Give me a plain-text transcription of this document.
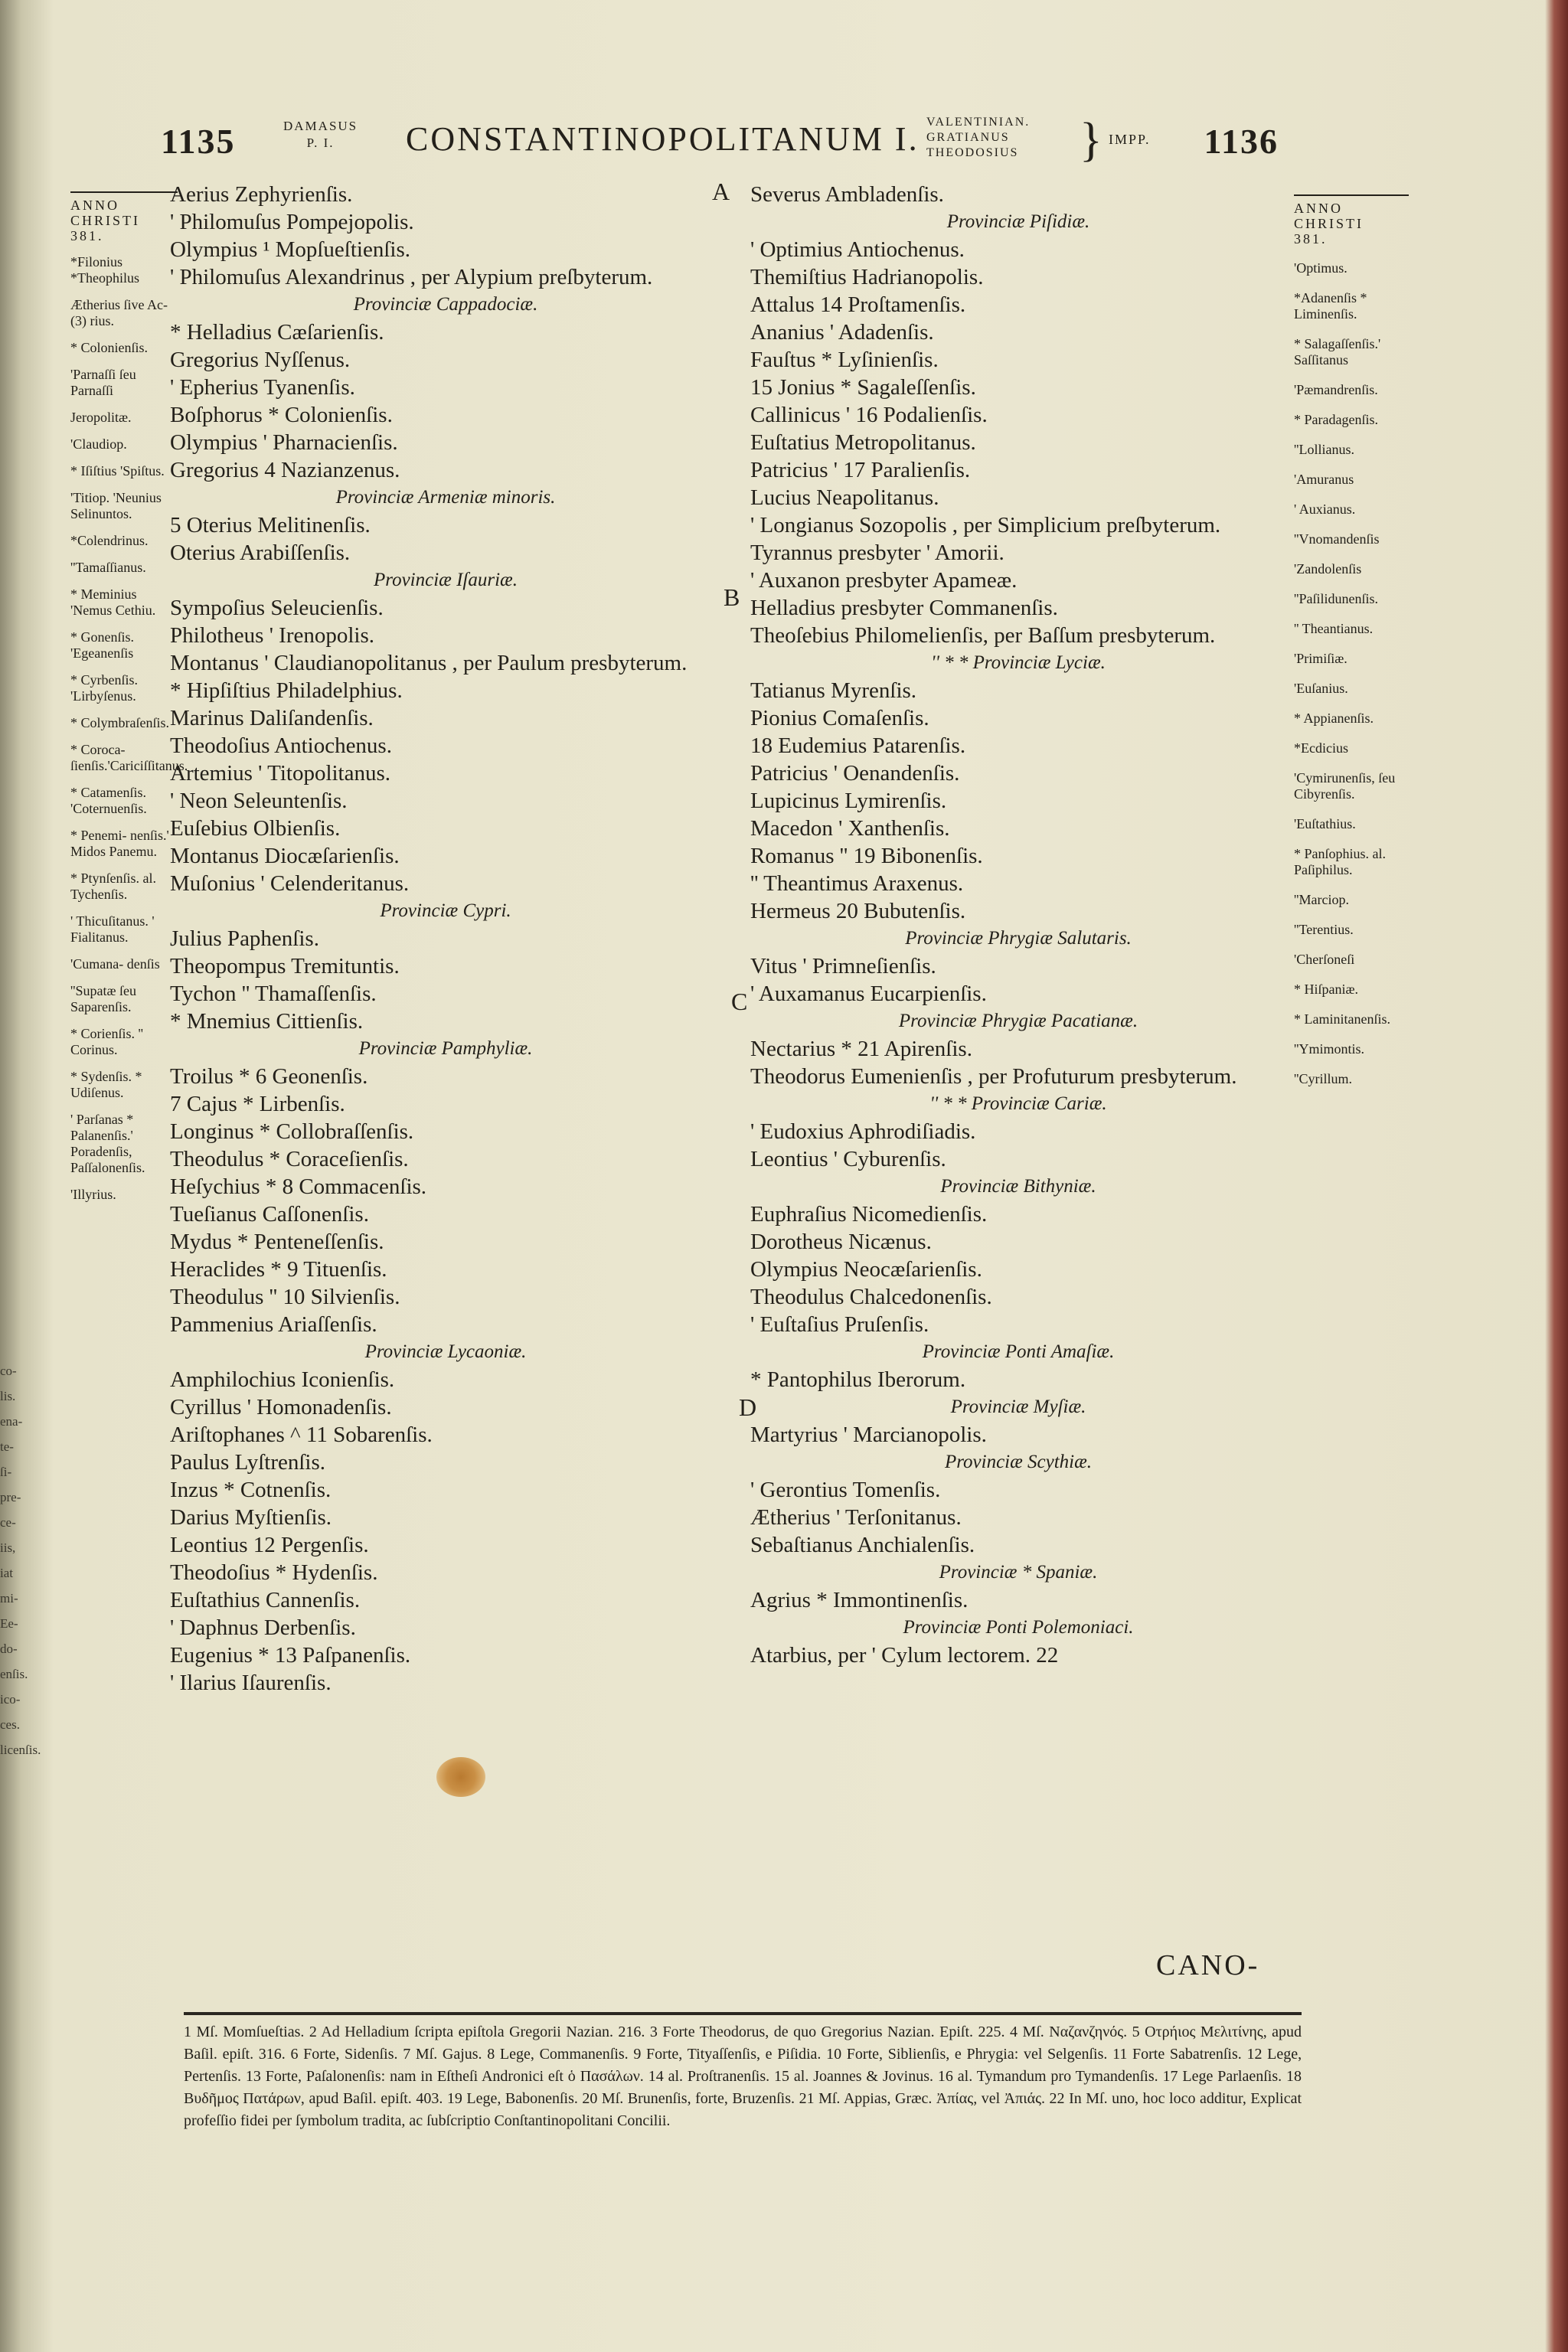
1135	DAMASUS
P. I.	CONSTANTINOPOLITANUM I. VALENTINIAN.
GRATIANUS
THEODOSIUS } IMPP. 1136
ANNO
CHRISTI
381.
*Filonius *Theophilus
Ætherius ſive Ac- (3) rius.
* Colonienſis.
'Parnaſſi ſeu Parnaſſi
Jeropolitæ.
'Claudiop.
* Iſiſtius 'Spiſtus.
'Titiop. 'Neunius Selinuntos.
*Colendrinus.
''Tamaſſianus.
* Meminius 'Nemus Cethiu.
* Gonenſis. 'Egeanenſis
* Cyrbenſis. 'Lirbyſenus.
* Colymbraſenſis.
* Coroca- ſienſis.'Cariciſſitanus.
* Catamenſis. 'Coternuenſis.
* Penemi- nenſis.' Midos Panemu.
* Ptynſenſis. al. Tychenſis.
' Thicuſitanus. ' Fialitanus.
'Cumana- denſis
''Supatæ ſeu Saparenſis.
* Corienſis. '' Corinus.
* Sydenſis. * Udiſenus.
' Parſanas * Palanenſis.' Poradenſis, Paſſalonenſis.
'Illyrius.
Aerius Zephyrienſis.
' Philomuſus Pompejopolis.
Olympius ¹ Mopſueſtienſis.
' Philomuſus Alexandrinus , per Alypium preſbyterum.
Provinciæ Cappadociæ.
* Helladius Cæſarienſis.
Gregorius Nyſſenus.
' Epherius Tyanenſis.
Boſphorus * Colonienſis.
Olympius ' Pharnacienſis.
Gregorius 4 Nazianzenus.
Provinciæ Armeniæ minoris.
5 Oterius Melitinenſis.
Oterius Arabiſſenſis.
Provinciæ Iſauriæ.
Sympoſius Seleucienſis.
Philotheus ' Irenopolis.
Montanus ' Claudianopolitanus , per Paulum presbyterum.
* Hipſiſtius Philadelphius.
Marinus Daliſandenſis.
Theodoſius Antiochenus.
Artemius ' Titopolitanus.
' Neon Seleuntenſis.
Euſebius Olbienſis.
Montanus Diocæſarienſis.
Muſonius ' Celenderitanus.
Provinciæ Cypri.
Julius Paphenſis.
Theopompus Tremituntis.
Tychon '' Thamaſſenſis.
* Mnemius Cittienſis.
Provinciæ Pamphyliæ.
Troilus * 6 Geonenſis.
7 Cajus * Lirbenſis.
Longinus * Collobraſſenſis.
Theodulus * Coraceſienſis.
Heſychius * 8 Commacenſis.
Tueſianus Caſſonenſis.
Mydus * Penteneſſenſis.
Heraclides * 9 Tituenſis.
Theodulus '' 10 Silvienſis.
Pammenius Ariaſſenſis.
Provinciæ Lycaoniæ.
Amphilochius Iconienſis.
Cyrillus ' Homonadenſis.
Ariſtophanes ^ 11 Sobarenſis.
Paulus Lyſtrenſis.
Inzus * Cotnenſis.
Darius Myſtienſis.
Leontius 12 Pergenſis.
Theodoſius * Hydenſis.
Euſtathius Cannenſis.
' Daphnus Derbenſis.
Eugenius * 13 Paſpanenſis.
' Ilarius Iſaurenſis.
A
B
C
D
Severus Ambladenſis.
Provinciæ Piſidiæ.
' Optimius Antiochenus.
Themiſtius Hadrianopolis.
Attalus 14 Proſtamenſis.
Ananius ' Adadenſis.
Fauſtus * Lyſinienſis.
15 Jonius * Sagaleſſenſis.
Callinicus ' 16 Podalienſis.
Euſtatius Metropolitanus.
Patricius ' 17 Paralienſis.
Lucius Neapolitanus.
' Longianus Sozopolis , per Simplicium preſbyterum.
Tyrannus presbyter ' Amorii.
' Auxanon presbyter Apameæ.
Helladius presbyter Commanenſis.
Theoſebius Philomelienſis, per Baſſum presbyterum.
'' * * Provinciæ Lyciæ.
Tatianus Myrenſis.
Pionius Comaſenſis.
18 Eudemius Patarenſis.
Patricius ' Oenandenſis.
Lupicinus Lymirenſis.
Macedon ' Xanthenſis.
Romanus '' 19 Bibonenſis.
'' Theantimus Araxenus.
Hermeus 20 Bubutenſis.
Provinciæ Phrygiæ Salutaris.
Vitus ' Primneſienſis.
' Auxamanus Eucarpienſis.
Provinciæ Phrygiæ Pacatianæ.
Nectarius * 21 Apirenſis.
Theodorus Eumenienſis , per Profuturum presbyterum.
'' * * Provinciæ Cariæ.
' Eudoxius Aphrodiſiadis.
Leontius ' Cyburenſis.
Provinciæ Bithyniæ.
Euphraſius Nicomedienſis.
Dorotheus Nicænus.
Olympius Neocæſarienſis.
Theodulus Chalcedonenſis.
' Euſtaſius Pruſenſis.
Provinciæ Ponti Amaſiæ.
* Pantophilus Iberorum.
Provinciæ Myſiæ.
Martyrius ' Marcianopolis.
Provinciæ Scythiæ.
' Gerontius Tomenſis.
Ætherius ' Terſonitanus.
Sebaſtianus Anchialenſis.
Provinciæ * Spaniæ.
Agrius * Immontinenſis.
Provinciæ Ponti Polemoniaci.
Atarbius, per ' Cylum lectorem. 22
ANNO
CHRISTI
381.
'Optimus.
*Adanenſis * Liminenſis.
* Salagaſſenſis.' Saſſitanus
'Pæmandrenſis.
* Paradagenſis.
''Lollianus.
'Amuranus
' Auxianus.
''Vnomandenſis
'Zandolenſis
''Paſilidunenſis.
'' Theantianus.
'Primiſiæ.
'Euſanius.
* Appianenſis.
*Ecdicius
'Cymirunenſis, ſeu Cibyrenſis.
'Euſtathius.
* Panſophius. al. Paſiphilus.
''Marciop.
''Terentius.
'Cherſoneſi
* Hiſpaniæ.
* Laminitanenſis.
''Ymimontis.
''Cyrillum.
co-
lis.
ena-
te-
ſi-
pre-
ce-
iis,
iat
mi-
Ee-
do-
enſis.
ico-
ces.
licenſis.
CANO-
1 Mſ. Momſueſtias. 2 Ad Helladium ſcripta epiſtola Gregorii Nazian. 216. 3 Forte Theodorus, de quo Gregorius Nazian. Epiſt. 225. 4 Mſ. Ναζανζηνός. 5 Οτρήιος Μελιτίνης, apud Baſil. epiſt. 316. 6 Forte, Sidenſis. 7 Mſ. Gajus. 8 Lege, Commanenſis. 9 Forte, Tityaſſenſis, e Piſidia. 10 Forte, Siblienſis, e Phrygia: vel Selgenſis. 11 Forte Sabatrenſis. 12 Lege, Pertenſis. 13 Forte, Paſalonenſis: nam in Eſtheſi Andronici eſt ὁ Πασάλων. 14 al. Proſtranenſis. 15 al. Joannes & Jovinus. 16 al. Tymandum pro Tymandenſis. 17 Lege Parlaenſis. 18 Βυδῆμος Πατάρων, apud Baſil. epiſt. 403. 19 Lege, Babonenſis. 20 Mſ. Brunenſis, forte, Bruzenſis. 21 Mſ. Appias, Græc. Ἀπίας, vel Ἀπιάς. 22 In Mſ. uno, hoc loco additur, Explicat profeſſio fidei per ſymbolum tradita, ac ſubſcriptio Conſtantinopolitani Concilii.
